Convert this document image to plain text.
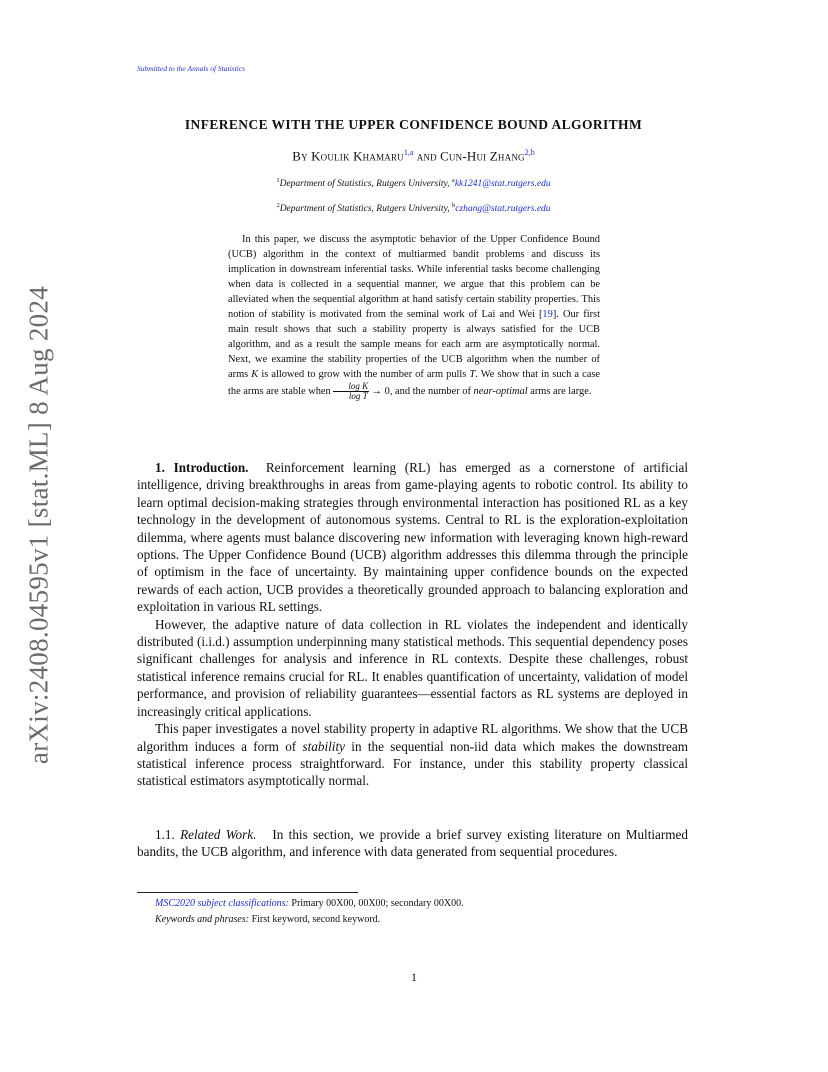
Submitted to the Annals of Statistics
arXiv:2408.04595v1 [stat.ML] 8 Aug 2024
INFERENCE WITH THE UPPER CONFIDENCE BOUND ALGORITHM
By Koulik Khamaru$^{1,a}$ and Cun-Hui Zhang$^{2,b}$
$^1$Department of Statistics, Rutgers University, $^a$kk1241@stat.rutgers.edu
$^2$Department of Statistics, Rutgers University, $^b$czhang@stat.rutgers.edu
In this paper, we discuss the asymptotic behavior of the Upper Confidence Bound (UCB) algorithm in the context of multiarmed bandit problems and discuss its implication in downstream inferential tasks. While inferential tasks become challenging when data is collected in a sequential manner, we argue that this problem can be alleviated when the sequential algorithm at hand satisfy certain stability properties. This notion of stability is motivated from the seminal work of Lai and Wei [19]. Our first main result shows that such a stability property is always satisfied for the UCB algorithm, and as a result the sample means for each arm are asymptotically normal. Next, we examine the stability properties of the UCB algorithm when the number of arms K is allowed to grow with the number of arm pulls T. We show that in such a case the arms are stable when $\frac{\text{log K}}{\text{log T}} \to 0$, and the number of near-optimal arms are large.

1. Introduction. Reinforcement learning (RL) has emerged as a cornerstone of artificial intelligence, driving breakthroughs in areas from game-playing agents to robotic control. Its ability to learn optimal decision-making strategies through environmental interaction has positioned RL as a key technology in the development of autonomous systems. Central to RL is the exploration-exploitation dilemma, where agents must balance discovering new information with leveraging known high-reward options. The Upper Confidence Bound (UCB) algorithm addresses this dilemma through the principle of optimism in the face of uncertainty. By maintaining upper confidence bounds on the expected rewards of each action, UCB provides a theoretically grounded approach to balancing exploration and exploitation in various RL settings.

However, the adaptive nature of data collection in RL violates the independent and identically distributed (i.i.d.) assumption underpinning many statistical methods. This sequential dependency poses significant challenges for analysis and inference in RL contexts. Despite these challenges, robust statistical inference remains crucial for RL. It enables quantification of uncertainty, validation of model performance, and provision of reliability guarantees—essential factors as RL systems are deployed in increasingly critical applications.

This paper investigates a novel stability property in adaptive RL algorithms. We show that the UCB algorithm induces a form of stability in the sequential non-iid data which makes the downstream statistical inference process straightforward. For instance, under this stability property classical statistical estimators asymptotically normal.

1.1. Related Work. In this section, we provide a brief survey existing literature on Multiarmed bandits, the UCB algorithm, and inference with data generated from sequential procedures.

MSC2020 subject classifications: Primary 00X00, 00X00; secondary 00X00.
Keywords and phrases: First keyword, second keyword.
1
